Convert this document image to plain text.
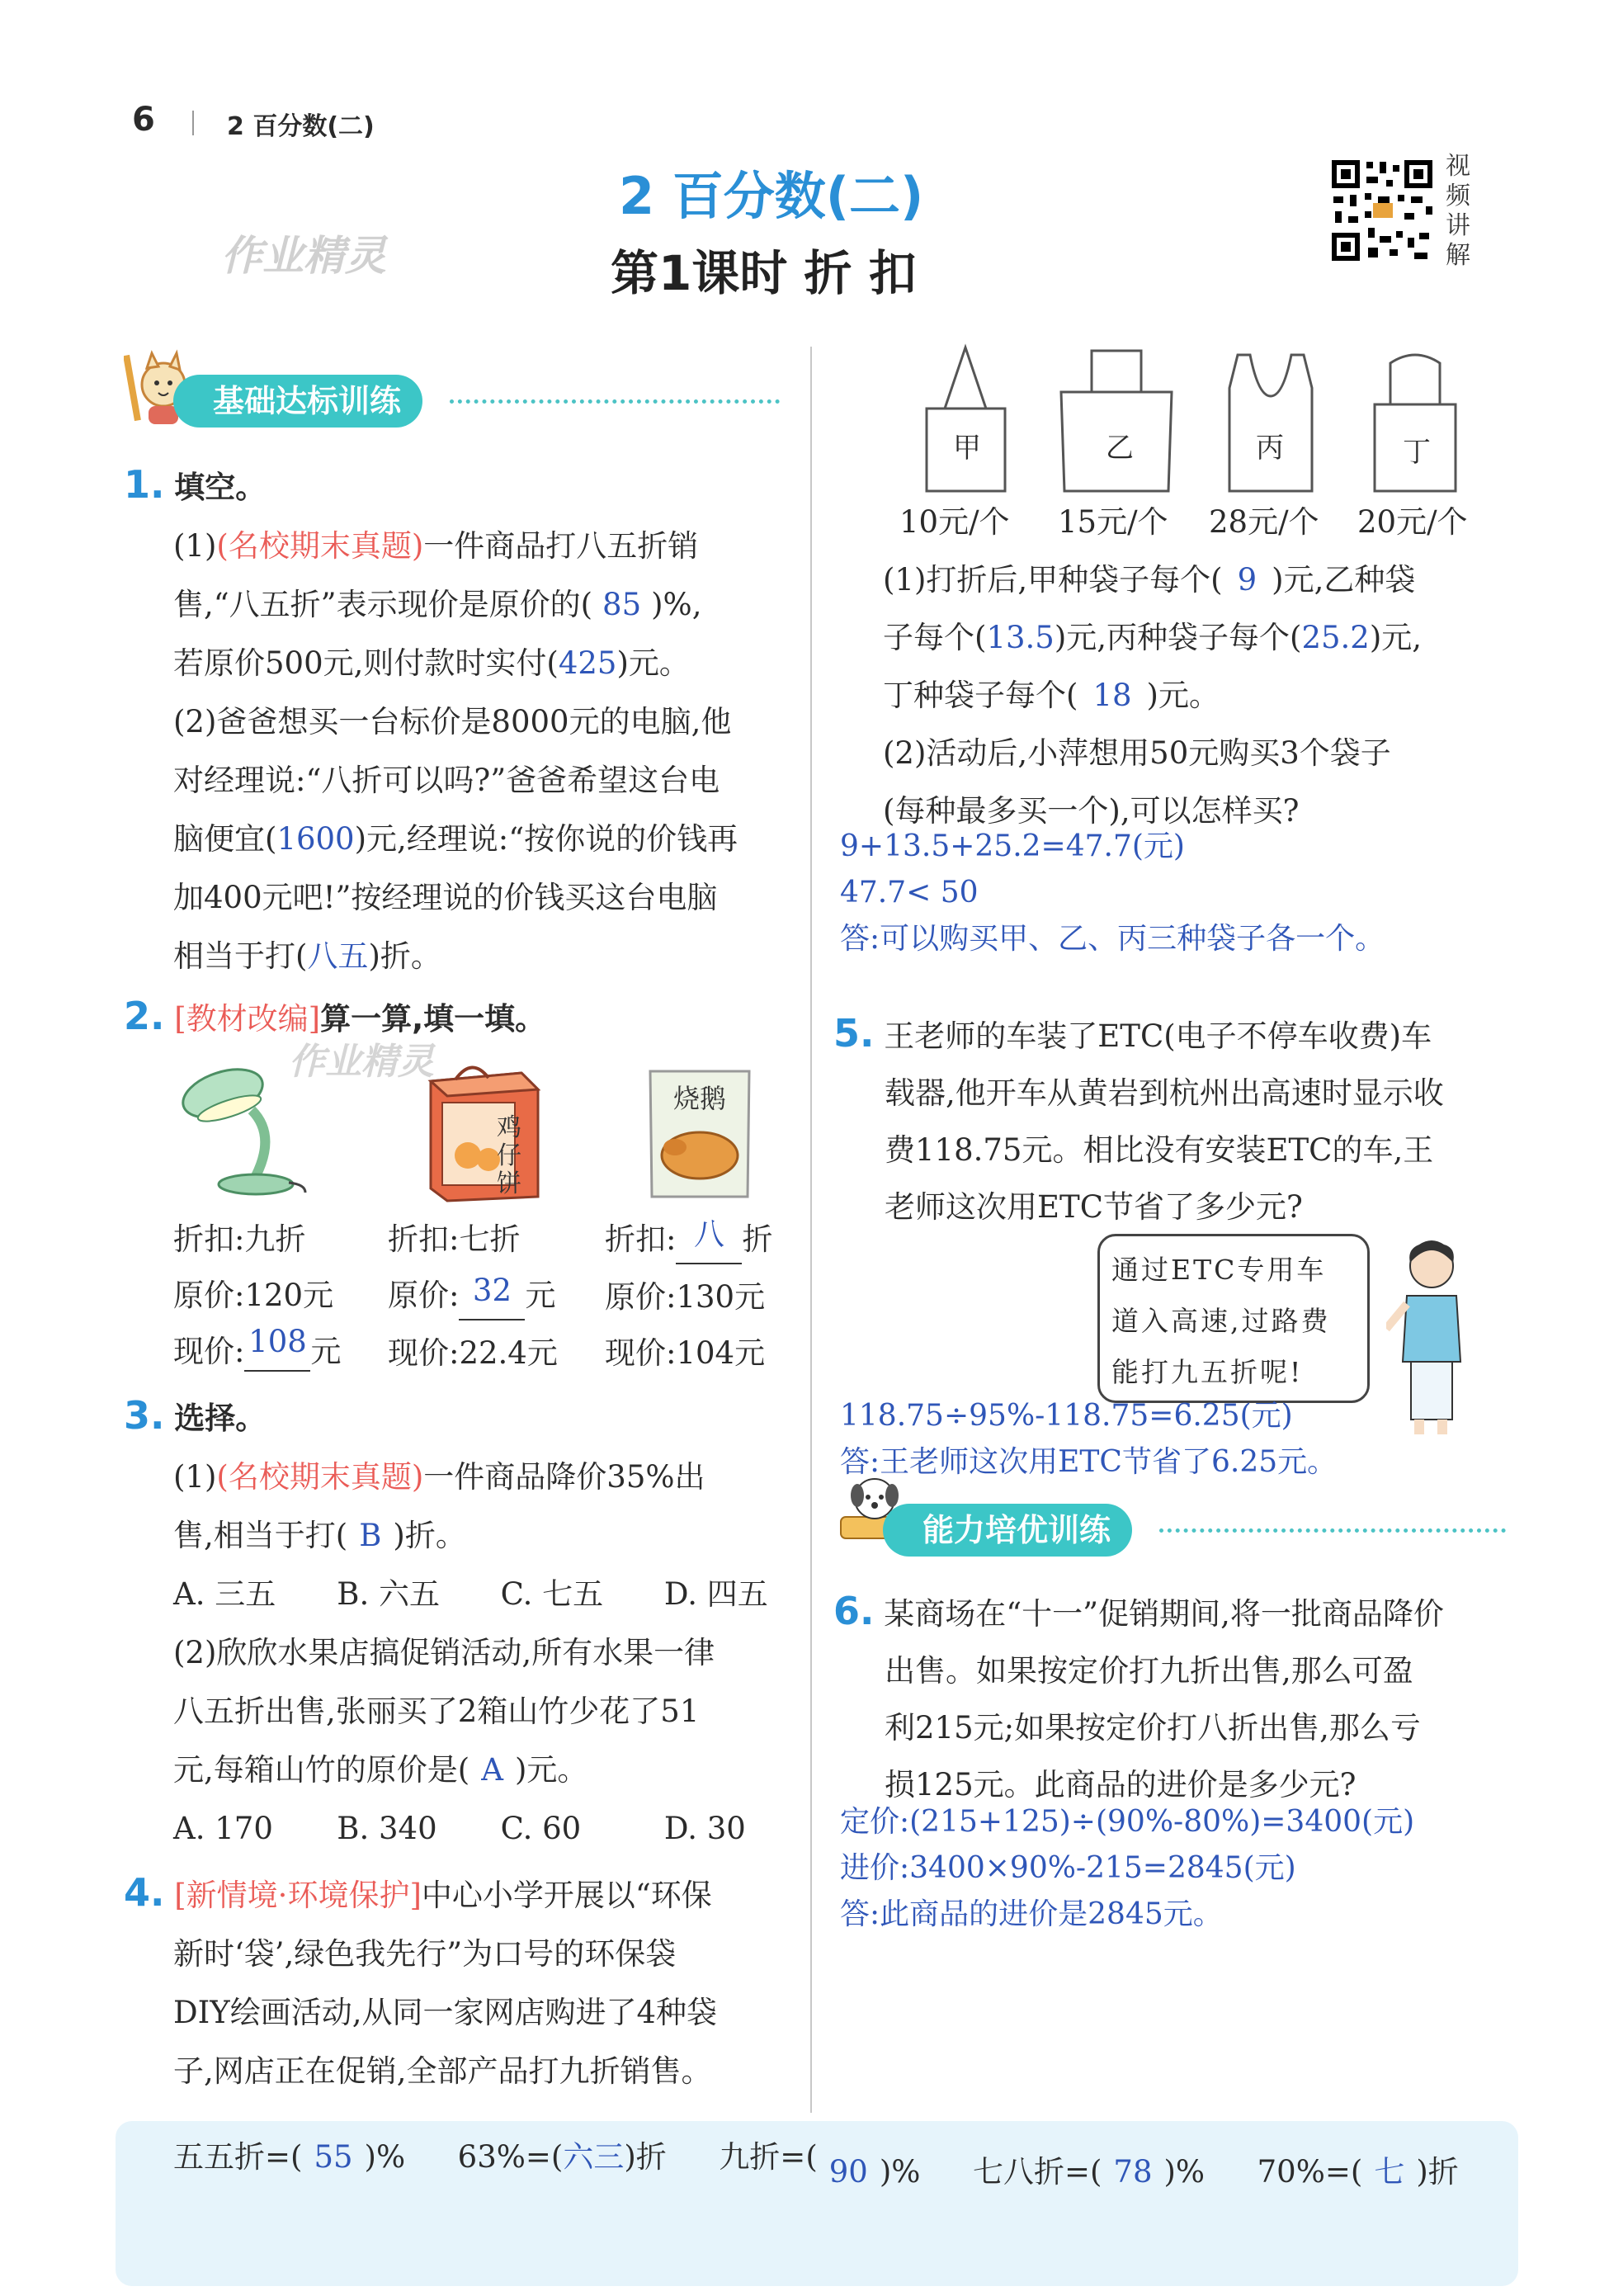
6	2 百分数(二)
2 百分数(二)
第1课时 折 扣
作业精灵
视频讲解
基础达标训练

1. 填空。

(1)(名校期末真题)一件商品打八五折销

售,“八五折”表示现价是原价的( 85 )%,

若原价500元,则付款时实付(425)元。

(2)爸爸想买一台标价是8000元的电脑,他

对经理说:“八折可以吗?”爸爸希望这台电

脑便宜(1600)元,经理说:“按你说的价钱再

加400元吧!”按经理说的价钱买这台电脑

相当于打(八五)折。

2. [教材改编]算一算,填一填。

作业精灵
鸡仔饼
烧鹅

折扣:九折

原价:120元

现价: 108 元

折扣:七折

原价: 32 元

现价:22.4元

折扣: 八 折

原价:130元

现价:104元

3. 选择。

(1)(名校期末真题)一件商品降价35%出

售,相当于打( B )折。

A. 三五	B. 六五	C. 七五	D. 四五

(2)欣欣水果店搞促销活动,所有水果一律

八五折出售,张丽买了2箱山竹少花了51

元,每箱山竹的原价是( A )元。

A. 170	B. 340	C. 60	D. 30

4. [新情境·环境保护]中心小学开展以“环保

新时‘袋’,绿色我先行”为口号的环保袋

DIY绘画活动,从同一家网店购进了4种袋

子,网店正在促销,全部产品打九折销售。

甲	乙	丙	丁
10元/个 15元/个 28元/个 20元/个

(1)打折后,甲种袋子每个( 9 )元,乙种袋

子每个(13.5)元,丙种袋子每个(25.2)元,

丁种袋子每个( 18 )元。

(2)活动后,小萍想用50元购买3个袋子

(每种最多买一个),可以怎样买?

9+13.5+25.2=47.7(元)
47.7< 50
答:可以购买甲、乙、丙三种袋子各一个。

5. 王老师的车装了ETC(电子不停车收费)车

载器,他开车从黄岩到杭州出高速时显示收

费118.75元。相比没有安装ETC的车,王

老师这次用ETC节省了多少元?

通过ETC专用车
道入高速,过路费
能打九五折呢!
118.75÷95%-118.75=6.25(元)
答:王老师这次用ETC节省了6.25元。
能力培优训练

6. 某商场在“十一”促销期间,将一批商品降价

出售。如果按定价打九折出售,那么可盈

利215元;如果按定价打八折出售,那么亏

损125元。此商品的进价是多少元?

定价:(215+125)÷(90%-80%)=3400(元)
进价:3400×90%-215=2845(元)
答:此商品的进价是2845元。
五五折=( 55 )% 63%=(六三)折 九折=( 90 )% 七八折=( 78 )% 70%=( 七 )折
